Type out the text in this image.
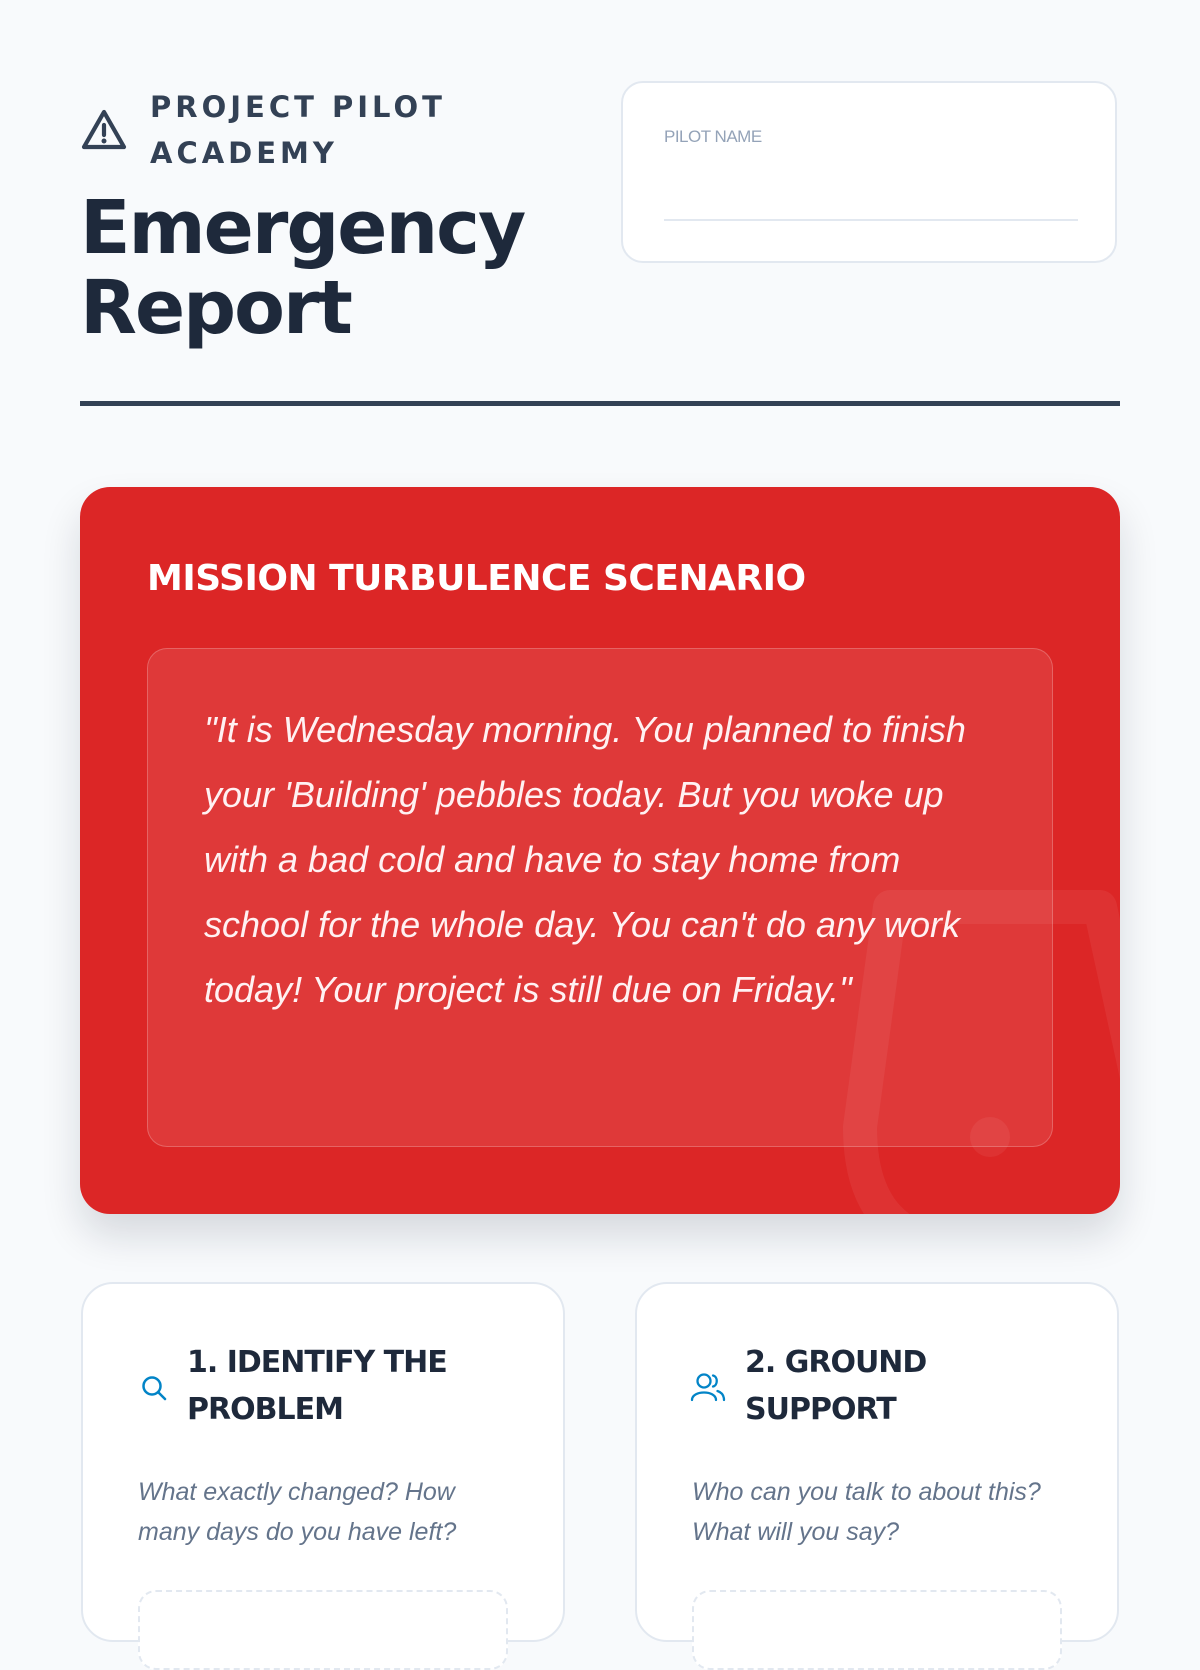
PROJECT PILOT ACADEMY
Emergency Report
PILOT NAME
MISSION TURBULENCE SCENARIO

"It is Wednesday morning. You planned to finish your 'Building' pebbles today. But you woke up with a bad cold and have to stay home from school for the whole day. You can't do any work today! Your project is still due on Friday."

1. IDENTIFY THE PROBLEM

What exactly changed? How many days do you have left?

2. GROUND SUPPORT

Who can you talk to about this? What will you say?
